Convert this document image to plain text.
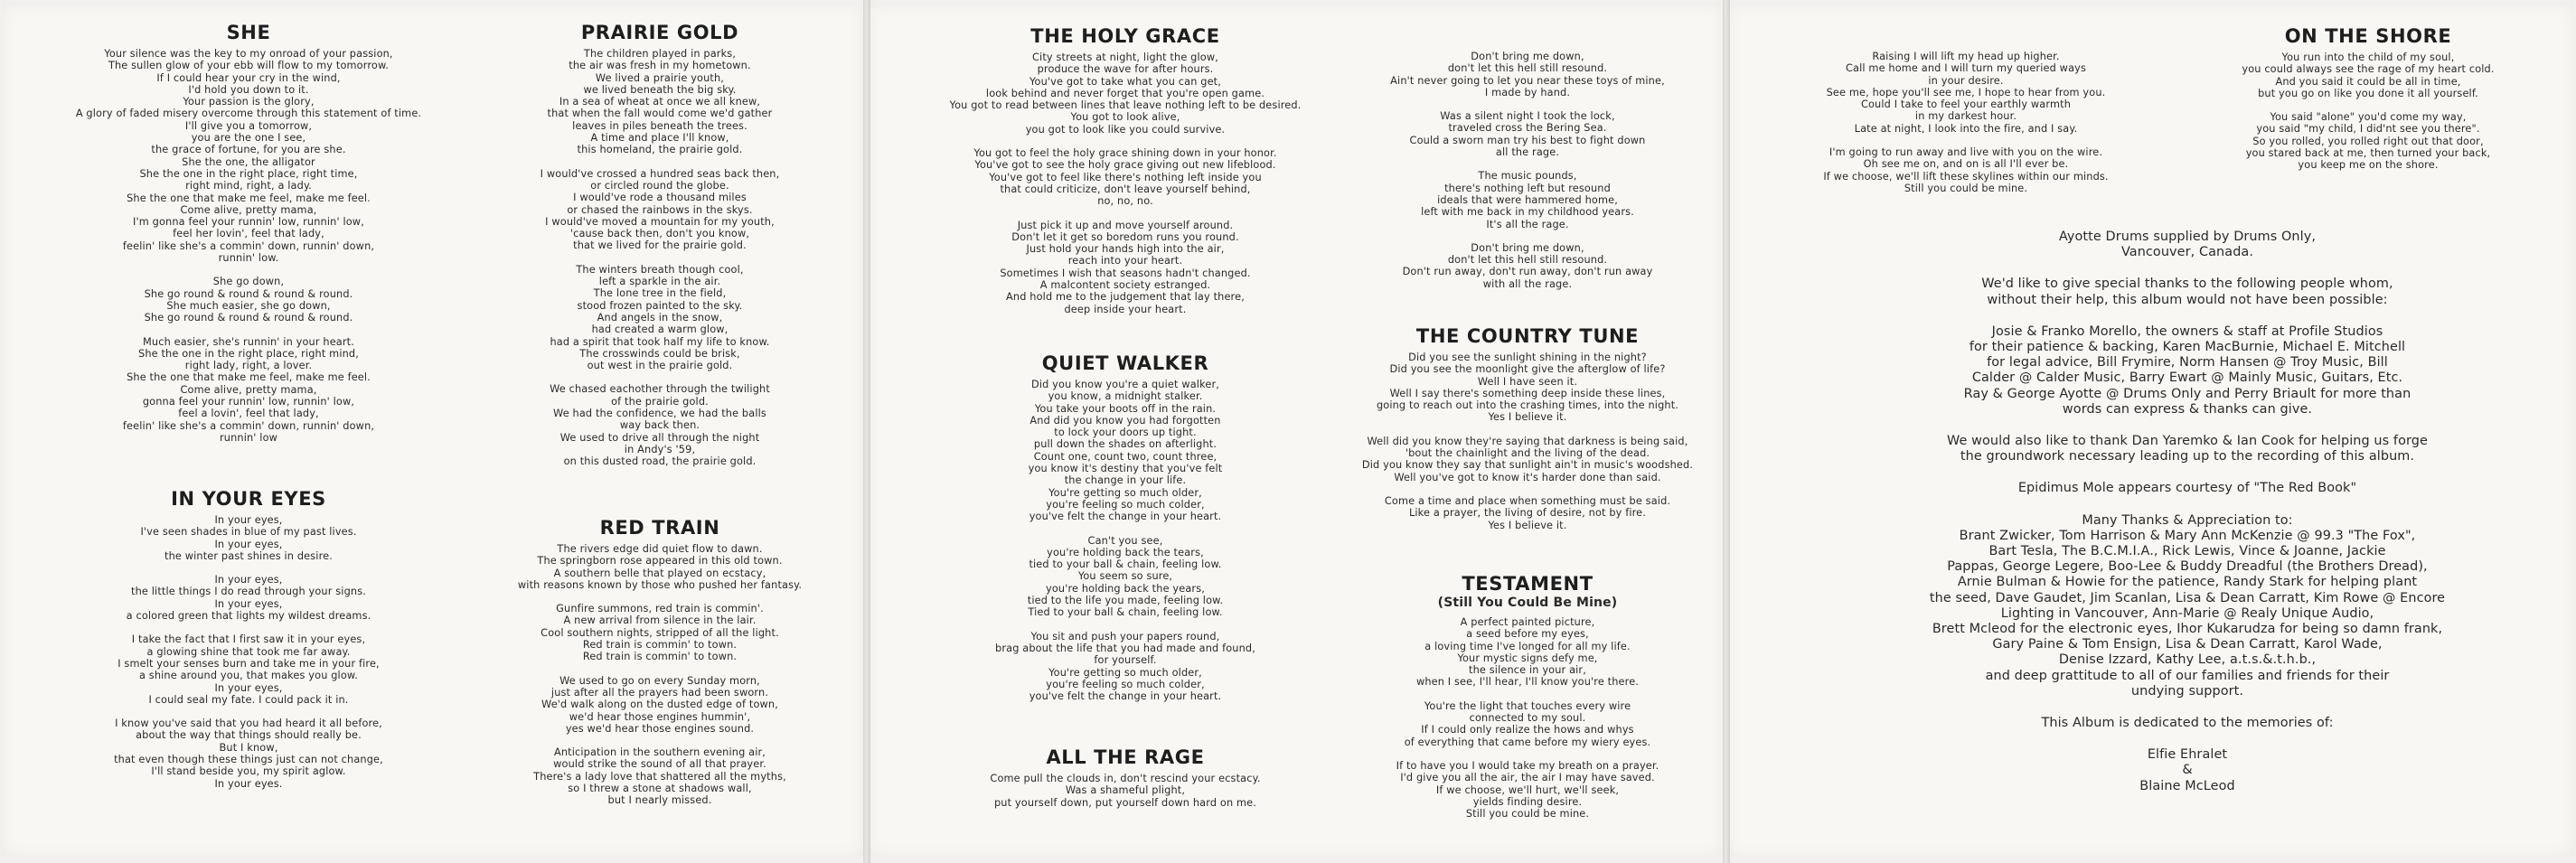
SHE
Your silence was the key to my onroad of your passion,
The sullen glow of your ebb will flow to my tomorrow.
If I could hear your cry in the wind,
I'd hold you down to it.
Your passion is the glory,
A glory of faded misery overcome through this statement of time.
I'll give you a tomorrow,
you are the one I see,
the grace of fortune, for you are she.
She the one, the alligator
She the one in the right place, right time,
right mind, right, a lady.
She the one that make me feel, make me feel.
Come alive, pretty mama,
I'm gonna feel your runnin' low, runnin' low,
feel her lovin', feel that lady,
feelin' like she's a commin' down, runnin' down,
runnin' low.
She go down,
She go round & round & round & round.
She much easier, she go down,
She go round & round & round & round.
Much easier, she's runnin' in your heart.
She the one in the right place, right mind,
right lady, right, a lover.
She the one that make me feel, make me feel.
Come alive, pretty mama,
gonna feel your runnin' low, runnin' low,
feel a lovin', feel that lady,
feelin' like she's a commin' down, runnin' down,
runnin' low
IN YOUR EYES
In your eyes,
I've seen shades in blue of my past lives.
In your eyes,
the winter past shines in desire.
In your eyes,
the little things I do read through your signs.
In your eyes,
a colored green that lights my wildest dreams.
I take the fact that I first saw it in your eyes,
a glowing shine that took me far away.
I smelt your senses burn and take me in your fire,
a shine around you, that makes you glow.
In your eyes,
I could seal my fate. I could pack it in.
I know you've said that you had heard it all before,
about the way that things should really be.
But I know,
that even though these things just can not change,
I'll stand beside you, my spirit aglow.
In your eyes.
PRAIRIE GOLD
The children played in parks,
the air was fresh in my hometown.
We lived a prairie youth,
we lived beneath the big sky.
In a sea of wheat at once we all knew,
that when the fall would come we'd gather
leaves in piles beneath the trees.
A time and place I'll know,
this homeland, the prairie gold.
I would've crossed a hundred seas back then,
or circled round the globe.
I would've rode a thousand miles
or chased the rainbows in the skys.
I would've moved a mountain for my youth,
'cause back then, don't you know,
that we lived for the prairie gold.
The winters breath though cool,
left a sparkle in the air.
The lone tree in the field,
stood frozen painted to the sky.
And angels in the snow,
had created a warm glow,
had a spirit that took half my life to know.
The crosswinds could be brisk,
out west in the prairie gold.
We chased eachother through the twilight
of the prairie gold.
We had the confidence, we had the balls
way back then.
We used to drive all through the night
in Andy's '59,
on this dusted road, the prairie gold.
RED TRAIN
The rivers edge did quiet flow to dawn.
The springborn rose appeared in this old town.
A southern belle that played on ecstacy,
with reasons known by those who pushed her fantasy.
Gunfire summons, red train is commin'.
A new arrival from silence in the lair.
Cool southern nights, stripped of all the light.
Red train is commin' to town.
Red train is commin' to town.
We used to go on every Sunday morn,
just after all the prayers had been sworn.
We'd walk along on the dusted edge of town,
we'd hear those engines hummin',
yes we'd hear those engines sound.
Anticipation in the southern evening air,
would strike the sound of all that prayer.
There's a lady love that shattered all the myths,
so I threw a stone at shadows wall,
but I nearly missed.
THE HOLY GRACE
City streets at night, light the glow,
produce the wave for after hours.
You've got to take what you can get,
look behind and never forget that you're open game.
You got to read between lines that leave nothing left to be desired.
You got to look alive,
you got to look like you could survive.
You got to feel the holy grace shining down in your honor.
You've got to see the holy grace giving out new lifeblood.
You've got to feel like there's nothing left inside you
that could criticize, don't leave yourself behind,
no, no, no.
Just pick it up and move yourself around.
Don't let it get so boredom runs you round.
Just hold your hands high into the air,
reach into your heart.
Sometimes I wish that seasons hadn't changed.
A malcontent society estranged.
And hold me to the judgement that lay there,
deep inside your heart.
QUIET WALKER
Did you know you're a quiet walker,
you know, a midnight stalker.
You take your boots off in the rain.
And did you know you had forgotten
to lock your doors up tight.
pull down the shades on afterlight.
Count one, count two, count three,
you know it's destiny that you've felt
the change in your life.
You're getting so much older,
you're feeling so much colder,
you've felt the change in your heart.
Can't you see,
you're holding back the tears,
tied to your ball & chain, feeling low.
You seem so sure,
you're holding back the years,
tied to the life you made, feeling low.
Tied to your ball & chain, feeling low.
You sit and push your papers round,
brag about the life that you had made and found,
for yourself.
You're getting so much older,
you're feeling so much colder,
you've felt the change in your heart.
ALL THE RAGE
Come pull the clouds in, don't rescind your ecstacy.
Was a shameful plight,
put yourself down, put yourself down hard on me.
Don't bring me down,
don't let this hell still resound.
Ain't never going to let you near these toys of mine,
I made by hand.
Was a silent night I took the lock,
traveled cross the Bering Sea.
Could a sworn man try his best to fight down
all the rage.
The music pounds,
there's nothing left but resound
ideals that were hammered home,
left with me back in my childhood years.
It's all the rage.
Don't bring me down,
don't let this hell still resound.
Don't run away, don't run away, don't run away
with all the rage.
THE COUNTRY TUNE
Did you see the sunlight shining in the night?
Did you see the moonlight give the afterglow of life?
Well I have seen it.
Well I say there's something deep inside these lines,
going to reach out into the crashing times, into the night.
Yes I believe it.
Well did you know they're saying that darkness is being said,
'bout the chainlight and the living of the dead.
Did you know they say that sunlight ain't in music's woodshed.
Well you've got to know it's harder done than said.
Come a time and place when something must be said.
Like a prayer, the living of desire, not by fire.
Yes I believe it.
TESTAMENT
(Still You Could Be Mine)
A perfect painted picture,
a seed before my eyes,
a loving time I've longed for all my life.
Your mystic signs defy me,
the silence in your air,
when I see, I'll hear, I'll know you're there.
You're the light that touches every wire
connected to my soul.
If I could only realize the hows and whys
of everything that came before my wiery eyes.
If to have you I would take my breath on a prayer.
I'd give you all the air, the air I may have saved.
If we choose, we'll hurt, we'll seek,
yields finding desire.
Still you could be mine.
Raising I will lift my head up higher.
Call me home and I will turn my queried ways
in your desire.
See me, hope you'll see me, I hope to hear from you.
Could I take to feel your earthly warmth
in my darkest hour.
Late at night, I look into the fire, and I say.
I'm going to run away and live with you on the wire.
Oh see me on, and on is all I'll ever be.
If we choose, we'll lift these skylines within our minds.
Still you could be mine.
ON THE SHORE
You run into the child of my soul,
you could always see the rage of my heart cold.
And you said it could be all in time,
but you go on like you done it all yourself.
You said "alone" you'd come my way,
you said "my child, I did'nt see you there".
So you rolled, you rolled right out that door,
you stared back at me, then turned your back,
you keep me on the shore.
Ayotte Drums supplied by Drums Only,
Vancouver, Canada.
We'd like to give special thanks to the following people whom,
without their help, this album would not have been possible:
Josie & Franko Morello, the owners & staff at Profile Studios
for their patience & backing, Karen MacBurnie, Michael E. Mitchell
for legal advice, Bill Frymire, Norm Hansen @ Troy Music, Bill
Calder @ Calder Music, Barry Ewart @ Mainly Music, Guitars, Etc.
Ray & George Ayotte @ Drums Only and Perry Briault for more than
words can express & thanks can give.
We would also like to thank Dan Yaremko & Ian Cook for helping us forge
the groundwork necessary leading up to the recording of this album.
Epidimus Mole appears courtesy of "The Red Book"
Many Thanks & Appreciation to:
Brant Zwicker, Tom Harrison & Mary Ann McKenzie @ 99.3 "The Fox",
Bart Tesla, The B.C.M.I.A., Rick Lewis, Vince & Joanne, Jackie
Pappas, George Legere, Boo-Lee & Buddy Dreadful (the Brothers Dread),
Arnie Bulman & Howie for the patience, Randy Stark for helping plant
the seed, Dave Gaudet, Jim Scanlan, Lisa & Dean Carratt, Kim Rowe @ Encore
Lighting in Vancouver, Ann-Marie @ Realy Unique Audio,
Brett Mcleod for the electronic eyes, Ihor Kukarudza for being so damn frank,
Gary Paine & Tom Ensign, Lisa & Dean Carratt, Karol Wade,
Denise Izzard, Kathy Lee, a.t.s.&.t.h.b.,
and deep grattitude to all of our families and friends for their
undying support.
This Album is dedicated to the memories of:
Elfie Ehralet
&
Blaine McLeod
